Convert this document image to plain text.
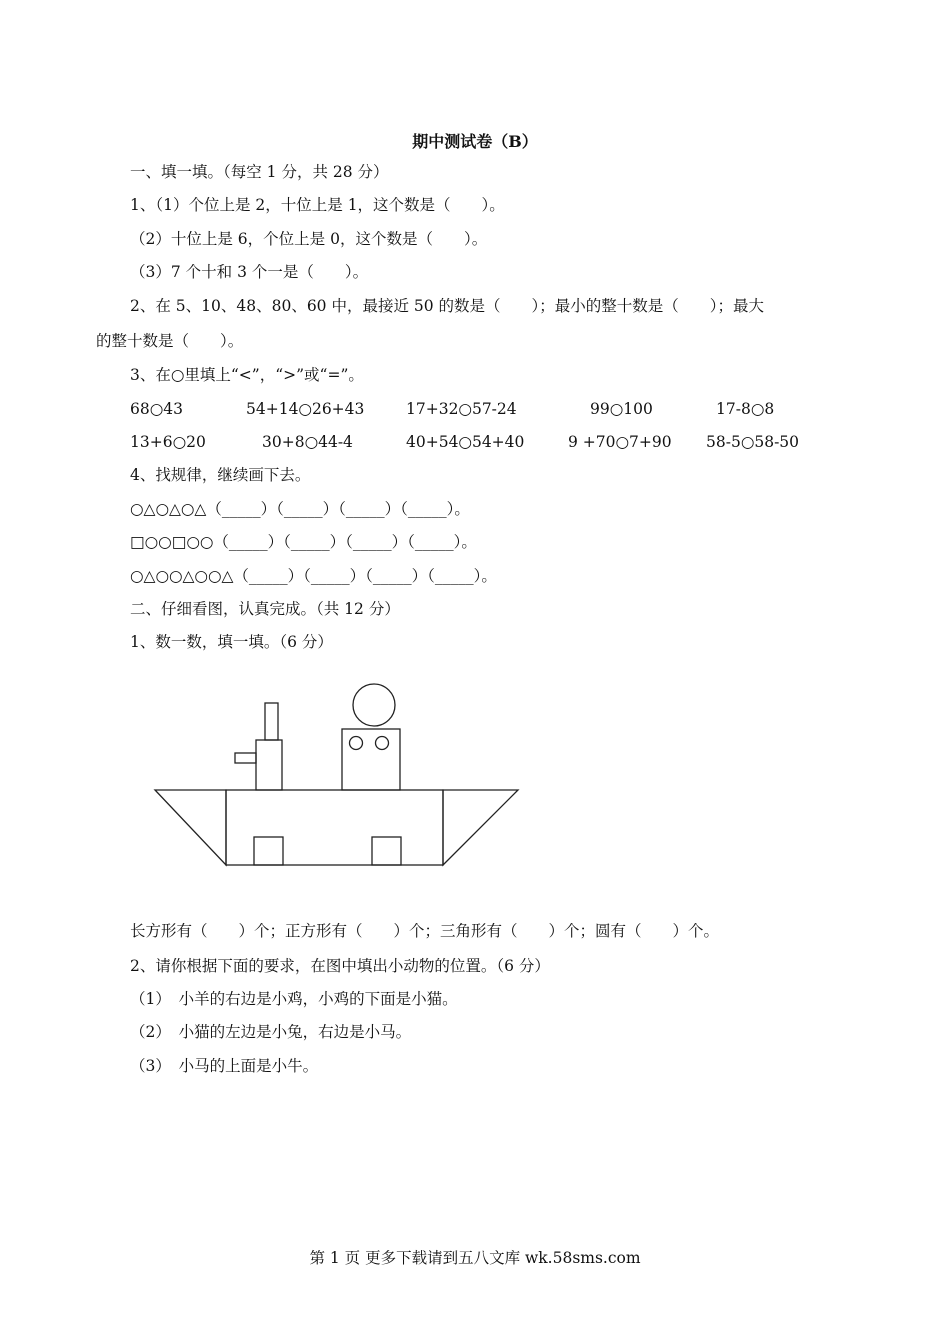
期中测试卷（B）
一、填一填。（每空 1 分，共 28 分）
1、（1）个位上是 2，十位上是 1，这个数是（　　）。
（2）十位上是 6，个位上是 0，这个数是（　　）。
（3）7 个十和 3 个一是（　　）。
2、在 5、10、48、80、60 中，最接近 50 的数是（　　）；最小的整十数是（　　）；最大
的整十数是（　　）。
3、在○里填上“<”，“>”或“=”。
68○43	54+14○26+43	17+32○57-24	99○100	17-8○8
13+6○20	30+8○44-4	40+54○54+40	9 +70○7+90 58-5○58-50
4、找规律，继续画下去。
○△○△○△（_____）（_____）（_____）（_____）。
□○○□○○（_____）（_____）（_____）（_____）。
○△○○△○○△（_____）（_____）（_____）（_____）。
二、仔细看图，认真完成。（共 12 分）
1、数一数，填一填。（6 分）
长方形有（　　）个；正方形有（　　）个；三角形有（　　）个；圆有（　　）个。
2、请你根据下面的要求，在图中填出小动物的位置。（6 分）
（1）　小羊的右边是小鸡，小鸡的下面是小猫。
（2）　小猫的左边是小兔，右边是小马。
（3）　小马的上面是小牛。
第 1 页 更多下载请到五八文库 wk.58sms.com
